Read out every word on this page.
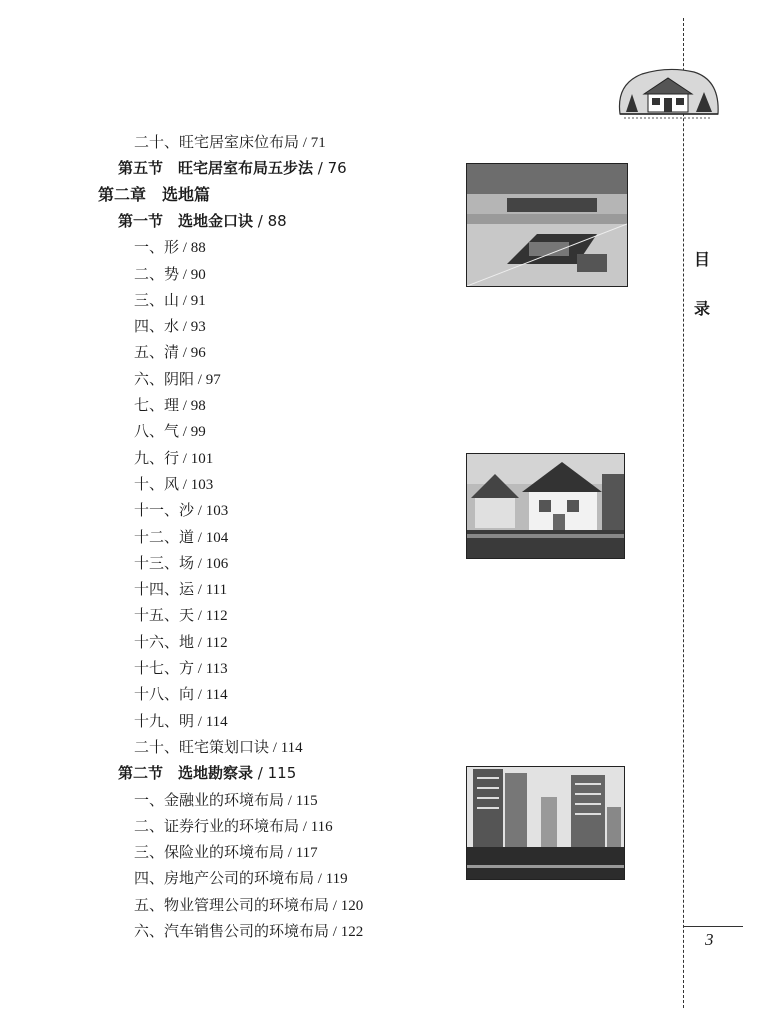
二十、旺宅居室床位布局 / 71
第五节　旺宅居室布局五步法 / 76
第二章　选地篇
第一节　选地金口诀 / 88
一、形 / 88
二、势 / 90
三、山 / 91
四、水 / 93
五、清 / 96
六、阴阳 / 97
七、理 / 98
八、气 / 99
九、行 / 101
十、风 / 103
十一、沙 / 103
十二、道 / 104
十三、场 / 106
十四、运 / 111
十五、天 / 112
十六、地 / 112
十七、方 / 113
十八、向 / 114
十九、明 / 114
二十、旺宅策划口诀 / 114
第二节　选地勘察录 / 115
一、金融业的环境布局 / 115
二、证券行业的环境布局 / 116
三、保险业的环境布局 / 117
四、房地产公司的环境布局 / 119
五、物业管理公司的环境布局 / 120
六、汽车销售公司的环境布局 / 122
目
录
3
